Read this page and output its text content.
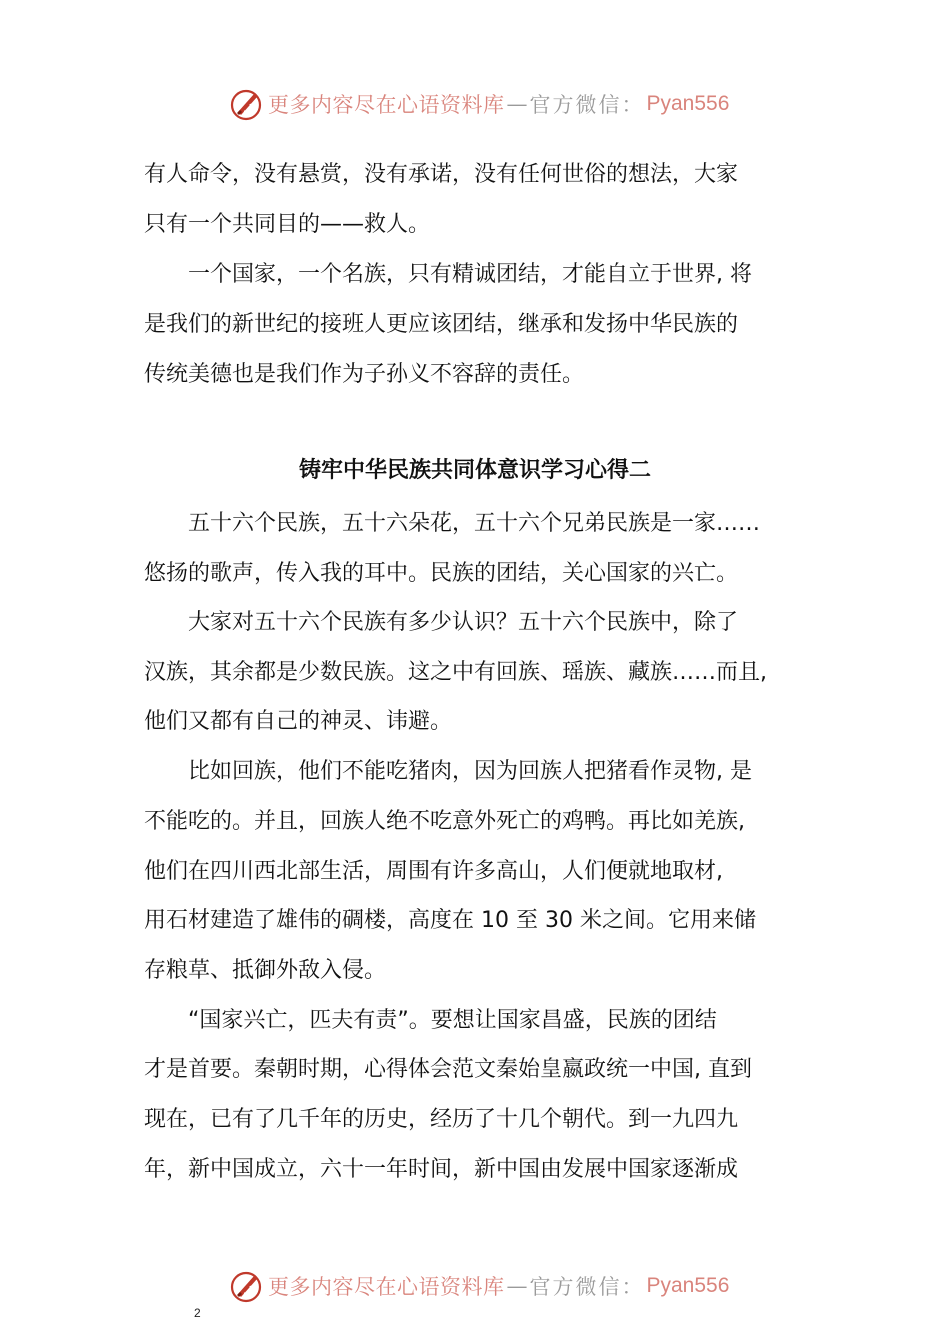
更多内容尽在心语资料库 — 官方微信： Pyan556
有人命令，没有悬赏，没有承诺，没有任何世俗的想法，大家
只有一个共同目的——救人。
一个国家，一个名族，只有精诚团结，才能自立于世界, 将
是我们的新世纪的接班人更应该团结，继承和发扬中华民族的
传统美德也是我们作为子孙义不容辞的责任。
铸牢中华民族共同体意识学习心得二
五十六个民族，五十六朵花，五十六个兄弟民族是一家……
悠扬的歌声，传入我的耳中。民族的团结，关心国家的兴亡。
大家对五十六个民族有多少认识？五十六个民族中，除了
汉族，其余都是少数民族。这之中有回族、瑶族、藏族……而且,
他们又都有自己的神灵、讳避。
比如回族，他们不能吃猪肉，因为回族人把猪看作灵物, 是
不能吃的。并且，回族人绝不吃意外死亡的鸡鸭。再比如羌族,
他们在四川西北部生活，周围有许多高山，人们便就地取材,
用石材建造了雄伟的碉楼，高度在 10 至 30 米之间。它用来储
存粮草、抵御外敌入侵。
“国家兴亡，匹夫有责”。要想让国家昌盛，民族的团结
才是首要。秦朝时期，心得体会范文秦始皇嬴政统一中国, 直到
现在，已有了几千年的历史，经历了十几个朝代。到一九四九
年，新中国成立，六十一年时间，新中国由发展中国家逐渐成
更多内容尽在心语资料库 — 官方微信： Pyan556
2
